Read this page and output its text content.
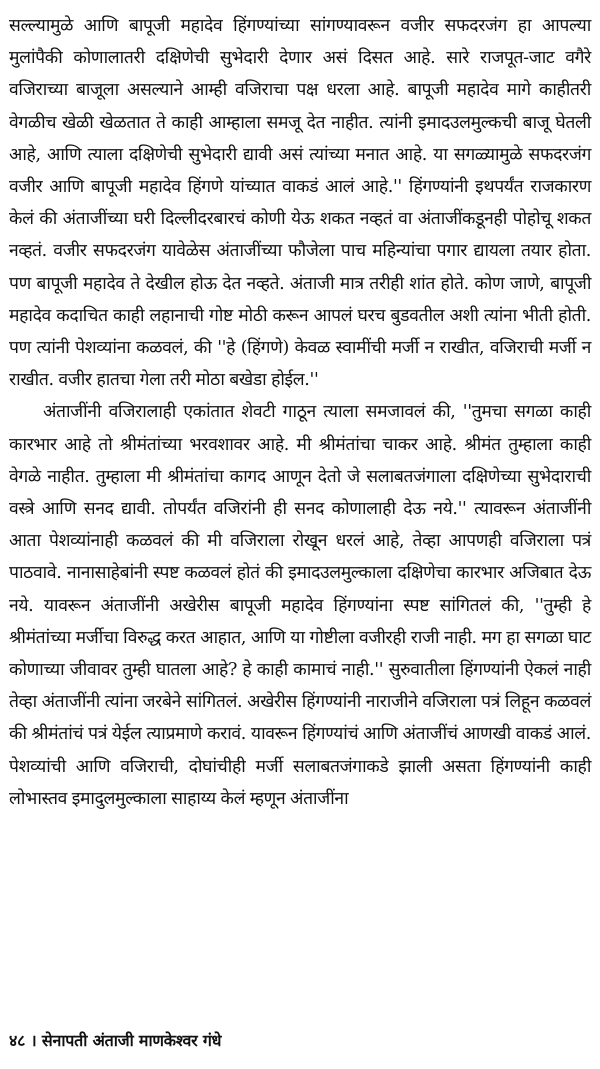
सल्ल्यामुळे आणि बापूजी महादेव हिंगण्यांच्या सांगण्यावरून वजीर सफदरजंग हा आपल्या मुलांपैकी कोणालातरी दक्षिणेची सुभेदारी देणार असं दिसत आहे. सारे राजपूत-जाट वगैरे वजिराच्या बाजूला असल्याने आम्ही वजिराचा पक्ष धरला आहे. बापूजी महादेव मागे काहीतरी वेगळीच खेळी खेळतात ते काही आम्हाला समजू देत नाहीत. त्यांनी इमादउलमुल्कची बाजू घेतली आहे, आणि त्याला दक्षिणेची सुभेदारी द्यावी असं त्यांच्या मनात आहे. या सगळ्यामुळे सफदरजंग वजीर आणि बापूजी महादेव हिंगणे यांच्यात वाकडं आलं आहे.'' हिंगण्यांनी इथपर्यंत राजकारण केलं की अंताजींच्या घरी दिल्लीदरबारचं कोणी येऊ शकत नव्हतं वा अंताजींकडूनही पोहोचू शकत नव्हतं. वजीर सफदरजंग यावेळेस अंताजींच्या फौजेला पाच महिन्यांचा पगार द्यायला तयार होता. पण बापूजी महादेव ते देखील होऊ देत नव्हते. अंताजी मात्र तरीही शांत होते. कोण जाणे, बापूजी महादेव कदाचित काही लहानाची गोष्ट मोठी करून आपलं घरच बुडवतील अशी त्यांना भीती होती. पण त्यांनी पेशव्यांना कळवलं, की ''हे (हिंगणे) केवळ स्वामींची मर्जी न राखीत, वजिराची मर्जी न राखीत. वजीर हातचा गेला तरी मोठा बखेडा होईल.''

अंताजींनी वजिरालाही एकांतात शेवटी गाठून त्याला समजावलं की, ''तुमचा सगळा काही कारभार आहे तो श्रीमंतांच्या भरवशावर आहे. मी श्रीमंतांचा चाकर आहे. श्रीमंत तुम्हाला काही वेगळे नाहीत. तुम्हाला मी श्रीमंतांचा कागद आणून देतो जे सलाबतजंगाला दक्षिणेच्या सुभेदाराची वस्त्रे आणि सनद द्यावी. तोपर्यंत वजिरांनी ही सनद कोणालाही देऊ नये.'' त्यावरून अंताजींनी आता पेशव्यांनाही कळवलं की मी वजिराला रोखून धरलं आहे, तेव्हा आपणही वजिराला पत्रं पाठवावे. नानासाहेबांनी स्पष्ट कळवलं होतं की इमादउलमुल्काला दक्षिणेचा कारभार अजिबात देऊ नये. यावरून अंताजींनी अखेरीस बापूजी महादेव हिंगण्यांना स्पष्ट सांगितलं की, ''तुम्ही हे श्रीमंतांच्या मर्जीचा विरुद्ध करत आहात, आणि या गोष्टीला वजीरही राजी नाही. मग हा सगळा घाट कोणाच्या जीवावर तुम्ही घातला आहे? हे काही कामाचं नाही.'' सुरुवातीला हिंगण्यांनी ऐकलं नाही तेव्हा अंताजींनी त्यांना जरबेने सांगितलं. अखेरीस हिंगण्यांनी नाराजीने वजिराला पत्रं लिहून कळवलं की श्रीमंतांचं पत्रं येईल त्याप्रमाणे करावं. यावरून हिंगण्यांचं आणि अंताजींचं आणखी वाकडं आलं. पेशव्यांची आणि वजिराची, दोघांचीही मर्जी सलाबतजंगाकडे झाली असता हिंगण्यांनी काही लोभास्तव इमादुलमुल्काला साहाय्य केलं म्हणून अंताजींना

४८ । सेनापती अंताजी माणकेश्वर गंधे
